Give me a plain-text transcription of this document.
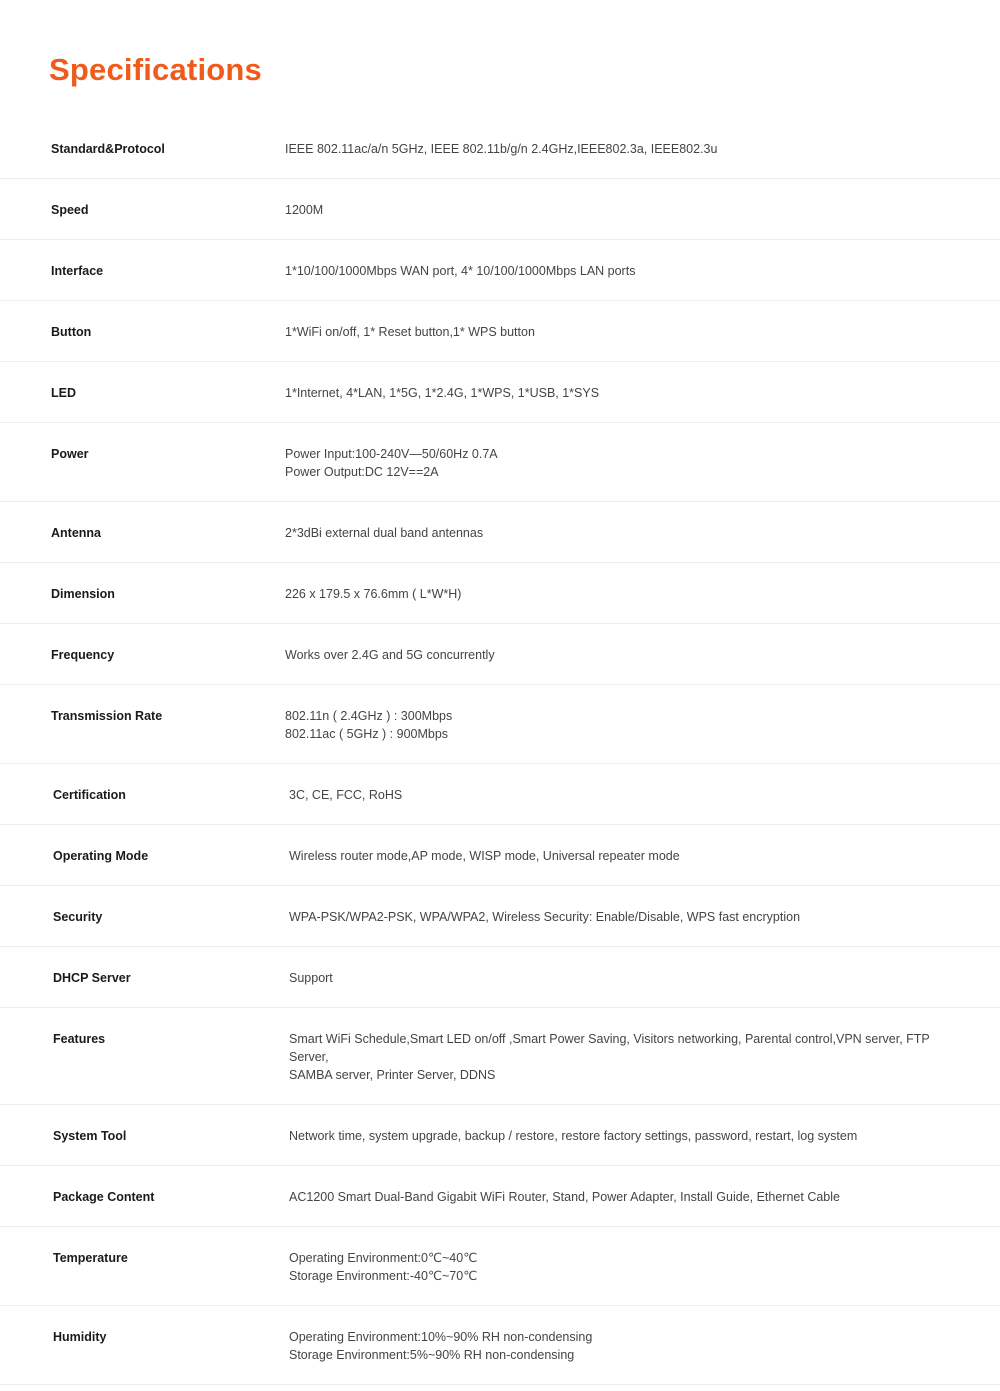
Specifications
Standard&Protocol	IEEE 802.11ac/a/n 5GHz, IEEE 802.11b/g/n 2.4GHz,IEEE802.3a, IEEE802.3u
Speed	1200M
Interface	1*10/100/1000Mbps WAN port, 4* 10/100/1000Mbps LAN ports
Button	1*WiFi on/off, 1* Reset button,1* WPS button
LED	1*Internet, 4*LAN, 1*5G, 1*2.4G, 1*WPS, 1*USB, 1*SYS
Power	Power Input:100-240V—50/60Hz 0.7A
Power Output:DC 12V==2A
Antenna	2*3dBi external dual band antennas
Dimension	226 x 179.5 x 76.6mm ( L*W*H)
Frequency	Works over 2.4G and 5G concurrently
Transmission Rate	802.11n ( 2.4GHz ) : 300Mbps
802.11ac ( 5GHz ) : 900Mbps
Certification	3C, CE, FCC, RoHS
Operating Mode	Wireless router mode,AP mode, WISP mode, Universal repeater mode
Security	WPA-PSK/WPA2-PSK, WPA/WPA2, Wireless Security: Enable/Disable, WPS fast encryption
DHCP Server	Support
Features	Smart WiFi Schedule,Smart LED on/off ,Smart Power Saving, Visitors networking, Parental control,VPN server, FTP Server,
SAMBA server, Printer Server, DDNS
System Tool	Network time, system upgrade, backup / restore, restore factory settings, password, restart, log system
Package Content	AC1200 Smart Dual-Band Gigabit WiFi Router, Stand, Power Adapter, Install Guide, Ethernet Cable
Temperature	Operating Environment:0℃~40℃
Storage Environment:-40℃~70℃
Humidity	Operating Environment:10%~90% RH non-condensing
Storage Environment:5%~90% RH non-condensing
